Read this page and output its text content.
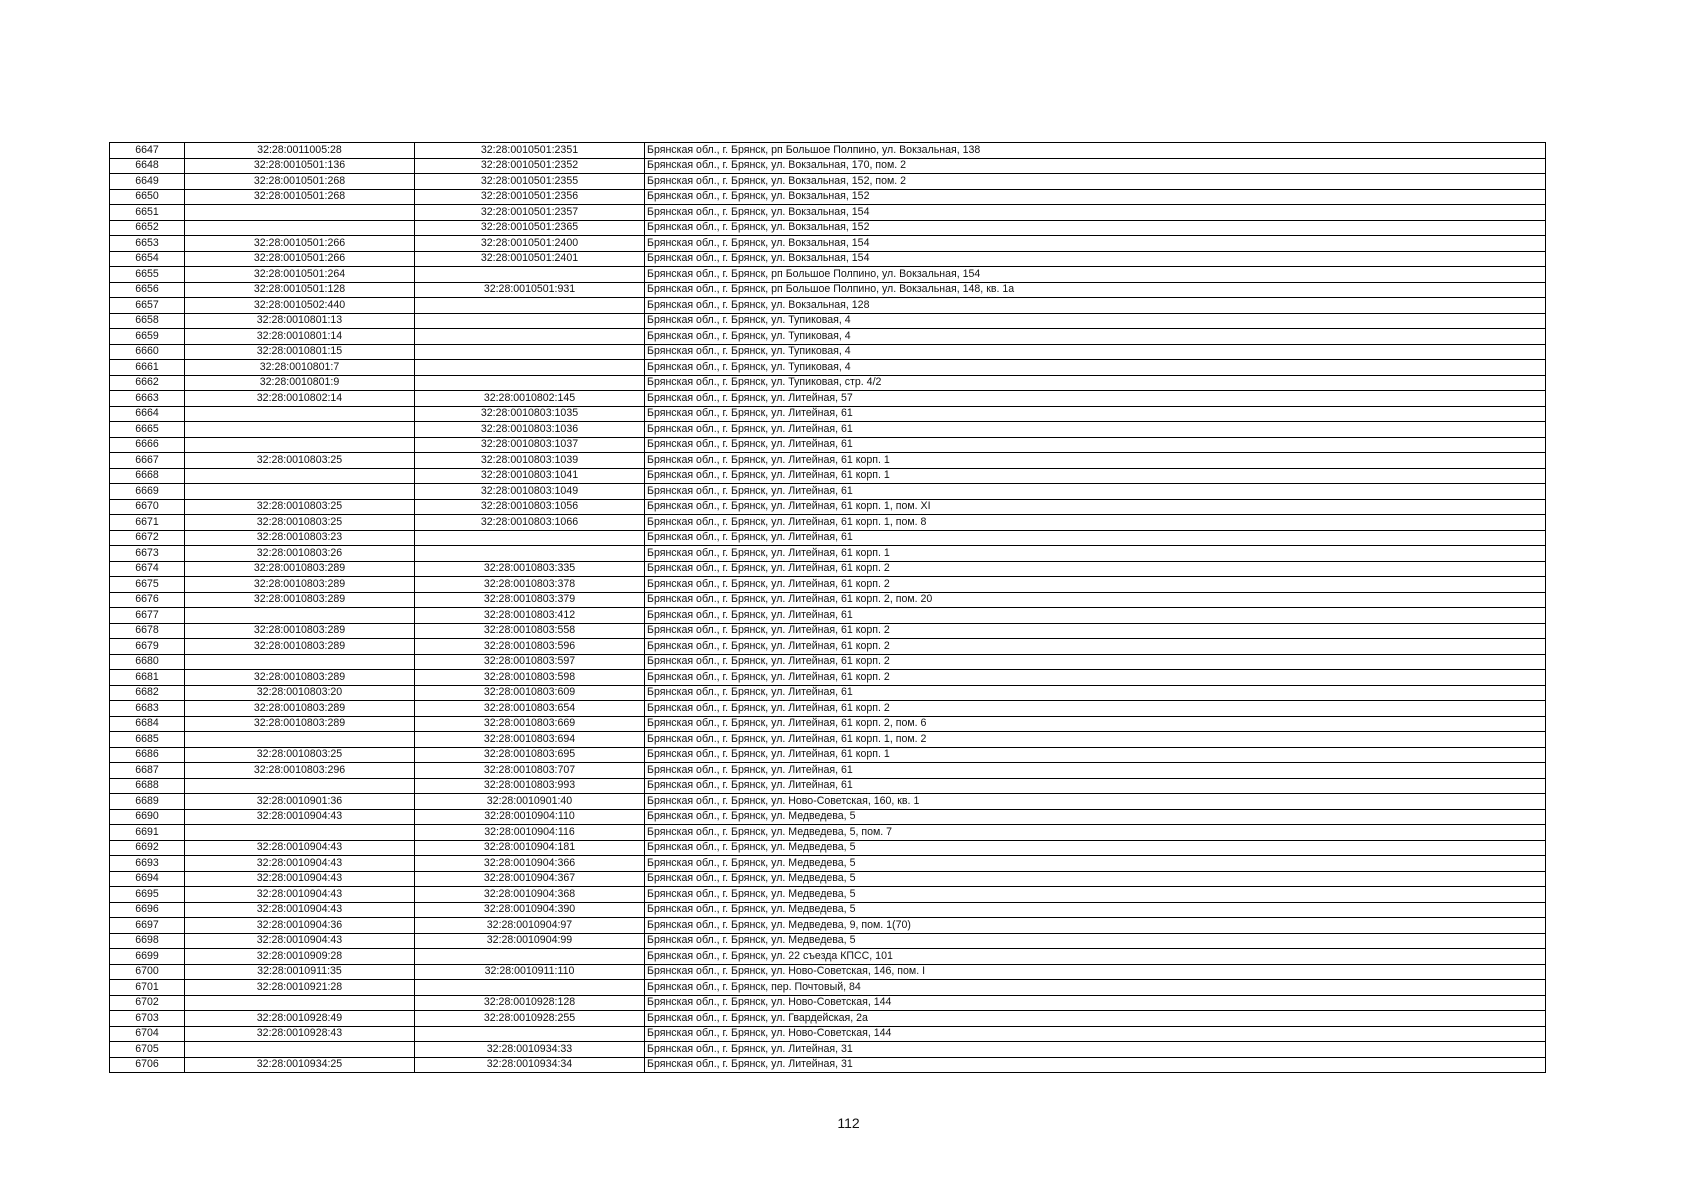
6647	32:28:0011005:28	32:28:0010501:2351	Брянская обл., г. Брянск, рп Большое Полпино, ул. Вокзальная, 138
6648	32:28:0010501:136	32:28:0010501:2352	Брянская обл., г. Брянск, ул. Вокзальная, 170, пом. 2
6649	32:28:0010501:268	32:28:0010501:2355	Брянская обл., г. Брянск, ул. Вокзальная, 152, пом. 2
6650	32:28:0010501:268	32:28:0010501:2356	Брянская обл., г. Брянск, ул. Вокзальная, 152
6651		32:28:0010501:2357	Брянская обл., г. Брянск, ул. Вокзальная, 154
6652		32:28:0010501:2365	Брянская обл., г. Брянск, ул. Вокзальная, 152
6653	32:28:0010501:266	32:28:0010501:2400	Брянская обл., г. Брянск, ул. Вокзальная, 154
6654	32:28:0010501:266	32:28:0010501:2401	Брянская обл., г. Брянск, ул. Вокзальная, 154
6655	32:28:0010501:264		Брянская обл., г. Брянск, рп Большое Полпино, ул. Вокзальная, 154
6656	32:28:0010501:128	32:28:0010501:931	Брянская обл., г. Брянск, рп Большое Полпино, ул. Вокзальная, 148, кв. 1а
6657	32:28:0010502:440		Брянская обл., г. Брянск, ул. Вокзальная, 128
6658	32:28:0010801:13		Брянская обл., г. Брянск, ул. Тупиковая, 4
6659	32:28:0010801:14		Брянская обл., г. Брянск, ул. Тупиковая, 4
6660	32:28:0010801:15		Брянская обл., г. Брянск, ул. Тупиковая, 4
6661	32:28:0010801:7		Брянская обл., г. Брянск, ул. Тупиковая, 4
6662	32:28:0010801:9		Брянская обл., г. Брянск, ул. Тупиковая, стр. 4/2
6663	32:28:0010802:14	32:28:0010802:145	Брянская обл., г. Брянск, ул. Литейная, 57
6664		32:28:0010803:1035	Брянская обл., г. Брянск, ул. Литейная, 61
6665		32:28:0010803:1036	Брянская обл., г. Брянск, ул. Литейная, 61
6666		32:28:0010803:1037	Брянская обл., г. Брянск, ул. Литейная, 61
6667	32:28:0010803:25	32:28:0010803:1039	Брянская обл., г. Брянск, ул. Литейная, 61 корп. 1
6668		32:28:0010803:1041	Брянская обл., г. Брянск, ул. Литейная, 61 корп. 1
6669		32:28:0010803:1049	Брянская обл., г. Брянск, ул. Литейная, 61
6670	32:28:0010803:25	32:28:0010803:1056	Брянская обл., г. Брянск, ул. Литейная, 61 корп. 1, пом. XI
6671	32:28:0010803:25	32:28:0010803:1066	Брянская обл., г. Брянск, ул. Литейная, 61 корп. 1, пом. 8
6672	32:28:0010803:23		Брянская обл., г. Брянск, ул. Литейная, 61
6673	32:28:0010803:26		Брянская обл., г. Брянск, ул. Литейная, 61 корп. 1
6674	32:28:0010803:289	32:28:0010803:335	Брянская обл., г. Брянск, ул. Литейная, 61 корп. 2
6675	32:28:0010803:289	32:28:0010803:378	Брянская обл., г. Брянск, ул. Литейная, 61 корп. 2
6676	32:28:0010803:289	32:28:0010803:379	Брянская обл., г. Брянск, ул. Литейная, 61 корп. 2, пом. 20
6677		32:28:0010803:412	Брянская обл., г. Брянск, ул. Литейная, 61
6678	32:28:0010803:289	32:28:0010803:558	Брянская обл., г. Брянск, ул. Литейная, 61 корп. 2
6679	32:28:0010803:289	32:28:0010803:596	Брянская обл., г. Брянск, ул. Литейная, 61 корп. 2
6680		32:28:0010803:597	Брянская обл., г. Брянск, ул. Литейная, 61 корп. 2
6681	32:28:0010803:289	32:28:0010803:598	Брянская обл., г. Брянск, ул. Литейная, 61 корп. 2
6682	32:28:0010803:20	32:28:0010803:609	Брянская обл., г. Брянск, ул. Литейная, 61
6683	32:28:0010803:289	32:28:0010803:654	Брянская обл., г. Брянск, ул. Литейная, 61 корп. 2
6684	32:28:0010803:289	32:28:0010803:669	Брянская обл., г. Брянск, ул. Литейная, 61 корп. 2, пом. 6
6685		32:28:0010803:694	Брянская обл., г. Брянск, ул. Литейная, 61 корп. 1, пом. 2
6686	32:28:0010803:25	32:28:0010803:695	Брянская обл., г. Брянск, ул. Литейная, 61 корп. 1
6687	32:28:0010803:296	32:28:0010803:707	Брянская обл., г. Брянск, ул. Литейная, 61
6688		32:28:0010803:993	Брянская обл., г. Брянск, ул. Литейная, 61
6689	32:28:0010901:36	32:28:0010901:40	Брянская обл., г. Брянск, ул. Ново-Советская, 160, кв. 1
6690	32:28:0010904:43	32:28:0010904:110	Брянская обл., г. Брянск, ул. Медведева, 5
6691		32:28:0010904:116	Брянская обл., г. Брянск, ул. Медведева, 5, пом. 7
6692	32:28:0010904:43	32:28:0010904:181	Брянская обл., г. Брянск, ул. Медведева, 5
6693	32:28:0010904:43	32:28:0010904:366	Брянская обл., г. Брянск, ул. Медведева, 5
6694	32:28:0010904:43	32:28:0010904:367	Брянская обл., г. Брянск, ул. Медведева, 5
6695	32:28:0010904:43	32:28:0010904:368	Брянская обл., г. Брянск, ул. Медведева, 5
6696	32:28:0010904:43	32:28:0010904:390	Брянская обл., г. Брянск, ул. Медведева, 5
6697	32:28:0010904:36	32:28:0010904:97	Брянская обл., г. Брянск, ул. Медведева, 9, пом. 1(70)
6698	32:28:0010904:43	32:28:0010904:99	Брянская обл., г. Брянск, ул. Медведева, 5
6699	32:28:0010909:28		Брянская обл., г. Брянск, ул. 22 съезда КПСС, 101
6700	32:28:0010911:35	32:28:0010911:110	Брянская обл., г. Брянск, ул. Ново-Советская, 146, пом. I
6701	32:28:0010921:28		Брянская обл., г. Брянск, пер. Почтовый, 84
6702		32:28:0010928:128	Брянская обл., г. Брянск, ул. Ново-Советская, 144
6703	32:28:0010928:49	32:28:0010928:255	Брянская обл., г. Брянск, ул. Гвардейская, 2а
6704	32:28:0010928:43		Брянская обл., г. Брянск, ул. Ново-Советская, 144
6705		32:28:0010934:33	Брянская обл., г. Брянск, ул. Литейная, 31
6706	32:28:0010934:25	32:28:0010934:34	Брянская обл., г. Брянск, ул. Литейная, 31
112
